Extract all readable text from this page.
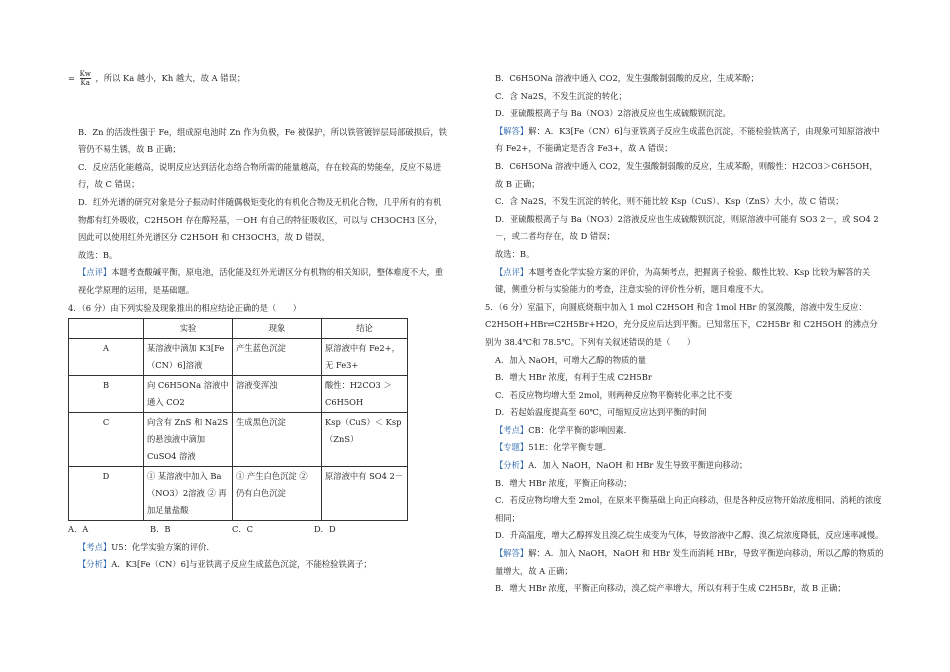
= $\frac{Kw}{Ka}$ ，所以 Ka 越小，Kh 越大，故 A 错误；

B．Zn 的活泼性强于 Fe，组成原电池时 Zn 作为负极，Fe 被保护，所以铁管镀锌层局部破损后，铁管仍不易生锈，故 B 正确；

C．反应活化能越高，说明反应达到活化态络合物所需的能量越高，存在较高的势能垒，反应不易进行，故 C 错误；

D．红外光谱的研究对象是分子振动时伴随偶极矩变化的有机化合物及无机化合物，几乎所有的有机物都有红外吸收，C2H5OH 存在醇羟基，－OH 有自己的特征吸收区，可以与 CH3OCH3 区分，因此可以使用红外光谱区分 C2H5OH 和 CH3OCH3，故 D 错误，

故选：B。

【点评】本题考查酸碱平衡，原电池，活化能及红外光谱区分有机物的相关知识，整体难度不大，重视化学原理的运用，是基础题。

4．（6 分）由下列实验及现象推出的相应结论正确的是（　　）

	实验	现象	结论
A	某溶液中滴加 K3[Fe（CN）6]溶液	产生蓝色沉淀	原溶液中有 Fe2+，无 Fe3+
B	向 C6H5ONa 溶液中通入 CO2	溶液变浑浊	酸性：H2CO3 ＞ C6H5OH
C	向含有 ZnS 和 Na2S 的悬浊液中滴加 CuSO4 溶液	生成黑色沉淀	Ksp（CuS）＜ Ksp（ZnS）
D	① 某溶液中加入 Ba（NO3）2溶液 ② 再加足量盐酸	① 产生白色沉淀 ② 仍有白色沉淀	原溶液中有 SO4 2－
A．A	B．B	C．C	D．D

【考点】U5：化学实验方案的评价．

【分析】A．K3[Fe（CN）6]与亚铁离子反应生成蓝色沉淀，不能检验铁离子；

B．C6H5ONa 溶液中通入 CO2，发生强酸制弱酸的反应，生成苯酚；

C．含 Na2S，不发生沉淀的转化；

D．亚硫酸根离子与 Ba（NO3）2溶液反应也生成硫酸钡沉淀。

【解答】解：A．K3[Fe（CN）6]与亚铁离子反应生成蓝色沉淀，不能检验铁离子，由现象可知原溶液中有 Fe2+，不能确定是否含 Fe3+，故 A 错误；

B．C6H5ONa 溶液中通入 CO2，发生强酸制弱酸的反应，生成苯酚，则酸性：H2CO3＞C6H5OH，故 B 正确；

C．含 Na2S，不发生沉淀的转化，则不能比较 Ksp（CuS）、Ksp（ZnS）大小，故 C 错误；

D．亚硫酸根离子与 Ba（NO3）2溶液反应也生成硫酸钡沉淀，则原溶液中可能有 SO3 2－，或 SO4 2－，或二者均存在，故 D 错误；

故选：B。

【点评】本题考查化学实验方案的评价，为高频考点，把握离子检验、酸性比较、Ksp 比较为解答的关键，侧重分析与实验能力的考查，注意实验的评价性分析，题目难度不大。

5．（6 分）室温下，向圆底烧瓶中加入 1 mol C2H5OH 和含 1mol HBr 的氢溴酸，溶液中发生反应：C2H5OH+HBr⇌C2H5Br+H2O，充分反应后达到平衡。已知常压下，C2H5Br 和 C2H5OH 的沸点分别为 38.4℃和 78.5℃。下列有关叙述错误的是（　　）

A．加入 NaOH，可增大乙醇的物质的量

B．增大 HBr 浓度，有利于生成 C2H5Br

C．若反应物均增大至 2mol，则两种反应物平衡转化率之比不变

D．若起始温度提高至 60℃，可缩短反应达到平衡的时间

【考点】CB：化学平衡的影响因素．

【专题】51E：化学平衡专题．

【分析】A．加入 NaOH，NaOH 和 HBr 发生导致平衡逆向移动；

B．增大 HBr 浓度，平衡正向移动；

C．若反应物均增大至 2mol，在原来平衡基础上向正向移动，但是各种反应物开始浓度相同、消耗的浓度相同；

D．升高温度，增大乙醇挥发且溴乙烷生成变为气体，导致溶液中乙醇、溴乙烷浓度降低，反应速率减慢。

【解答】解：A．加入 NaOH，NaOH 和 HBr 发生而消耗 HBr，导致平衡逆向移动，所以乙醇的物质的量增大，故 A 正确；

B．增大 HBr 浓度，平衡正向移动，溴乙烷产率增大，所以有利于生成 C2H5Br，故 B 正确；
